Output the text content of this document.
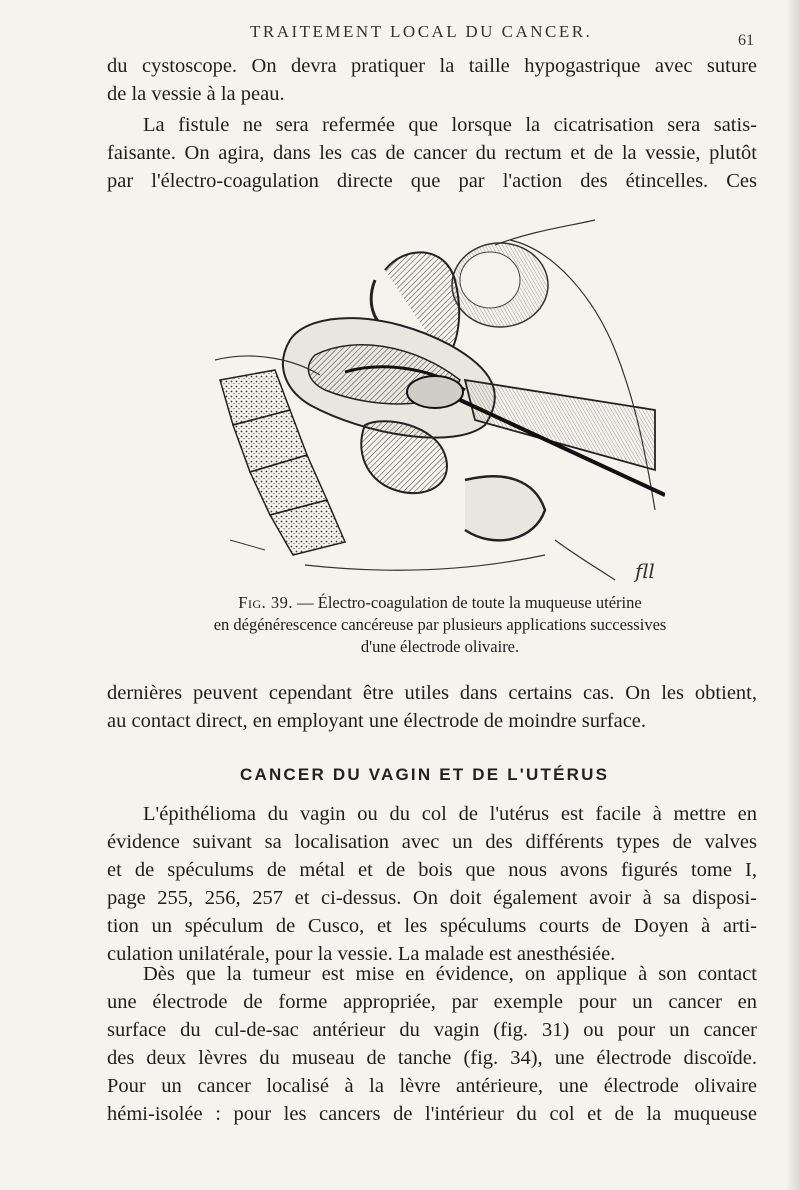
TRAITEMENT LOCAL DU CANCER.	61

du cystoscope. On devra pratiquer la taille hypogastrique avec suture
de la vessie à la peau.

La fistule ne sera refermée que lorsque la cicatrisation sera satis-
faisante. On agira, dans les cas de cancer du rectum et de la vessie, plutôt
par l'électro-coagulation directe que par l'action des étincelles. Ces

fll
Fig. 39. — Électro-coagulation de toute la muqueuse utérine
en dégénérescence cancéreuse par plusieurs applications successives
d'une électrode olivaire.

dernières peuvent cependant être utiles dans certains cas. On les obtient,
au contact direct, en employant une électrode de moindre surface.

CANCER DU VAGIN ET DE L'UTÉRUS

L'épithélioma du vagin ou du col de l'utérus est facile à mettre en
évidence suivant sa localisation avec un des différents types de valves
et de spéculums de métal et de bois que nous avons figurés tome I,
page 255, 256, 257 et ci-dessus. On doit également avoir à sa disposi-
tion un spéculum de Cusco, et les spéculums courts de Doyen à arti-
culation unilatérale, pour la vessie. La malade est anesthésiée.

Dès que la tumeur est mise en évidence, on applique à son contact
une électrode de forme appropriée, par exemple pour un cancer en
surface du cul-de-sac antérieur du vagin (fig. 31) ou pour un cancer
des deux lèvres du museau de tanche (fig. 34), une électrode discoïde.
Pour un cancer localisé à la lèvre antérieure, une électrode olivaire
hémi-isolée : pour les cancers de l'intérieur du col et de la muqueuse
